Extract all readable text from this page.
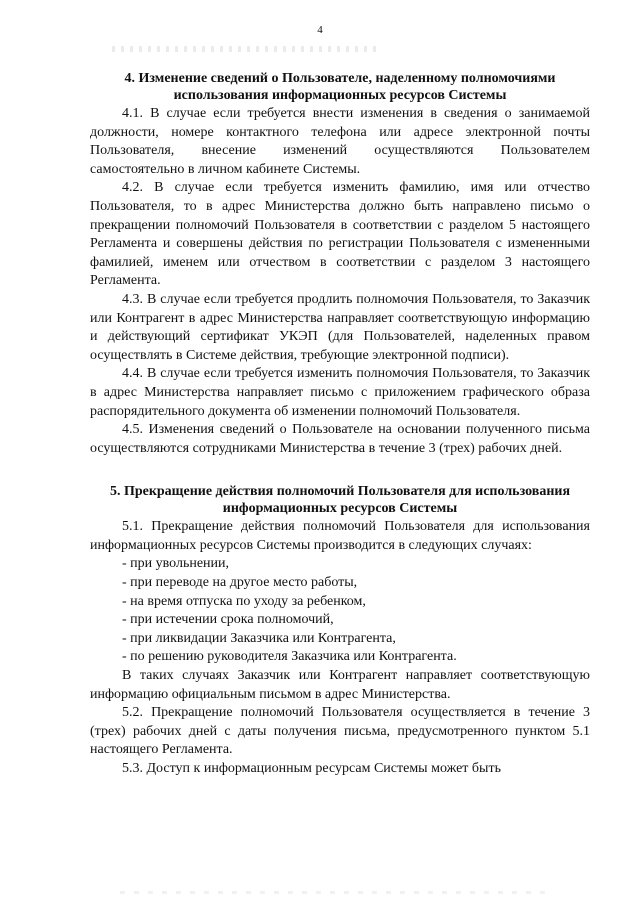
4
4. Изменение сведений о Пользователе, наделенному полномочиями использования информационных ресурсов Системы

4.1. В случае если требуется внести изменения в сведения о занимаемой должности, номере контактного телефона или адресе электронной почты Пользователя, внесение изменений осуществляются Пользователем самостоятельно в личном кабинете Системы.

4.2. В случае если требуется изменить фамилию, имя или отчество Пользователя, то в адрес Министерства должно быть направлено письмо о прекращении полномочий Пользователя в соответствии с разделом 5 настоящего Регламента и совершены действия по регистрации Пользователя с измененными фамилией, именем или отчеством в соответствии с разделом 3 настоящего Регламента.

4.3. В случае если требуется продлить полномочия Пользователя, то Заказчик или Контрагент в адрес Министерства направляет соответствующую информацию и действующий сертификат УКЭП (для Пользователей, наделенных правом осуществлять в Системе действия, требующие электронной подписи).

4.4. В случае если требуется изменить полномочия Пользователя, то Заказчик в адрес Министерства направляет письмо с приложением графического образа распорядительного документа об изменении полномочий Пользователя.

4.5. Изменения сведений о Пользователе на основании полученного письма осуществляются сотрудниками Министерства в течение 3 (трех) рабочих дней.

5. Прекращение действия полномочий Пользователя для использования информационных ресурсов Системы

5.1. Прекращение действия полномочий Пользователя для использования информационных ресурсов Системы производится в следующих случаях:

- при увольнении,
- при переводе на другое место работы,
- на время отпуска по уходу за ребенком,
- при истечении срока полномочий,
- при ликвидации Заказчика или Контрагента,
- по решению руководителя Заказчика или Контрагента.

В таких случаях Заказчик или Контрагент направляет соответствующую информацию официальным письмом в адрес Министерства.

5.2. Прекращение полномочий Пользователя осуществляется в течение 3 (трех) рабочих дней с даты получения письма, предусмотренного пунктом 5.1 настоящего Регламента.

5.3. Доступ к информационным ресурсам Системы может быть
